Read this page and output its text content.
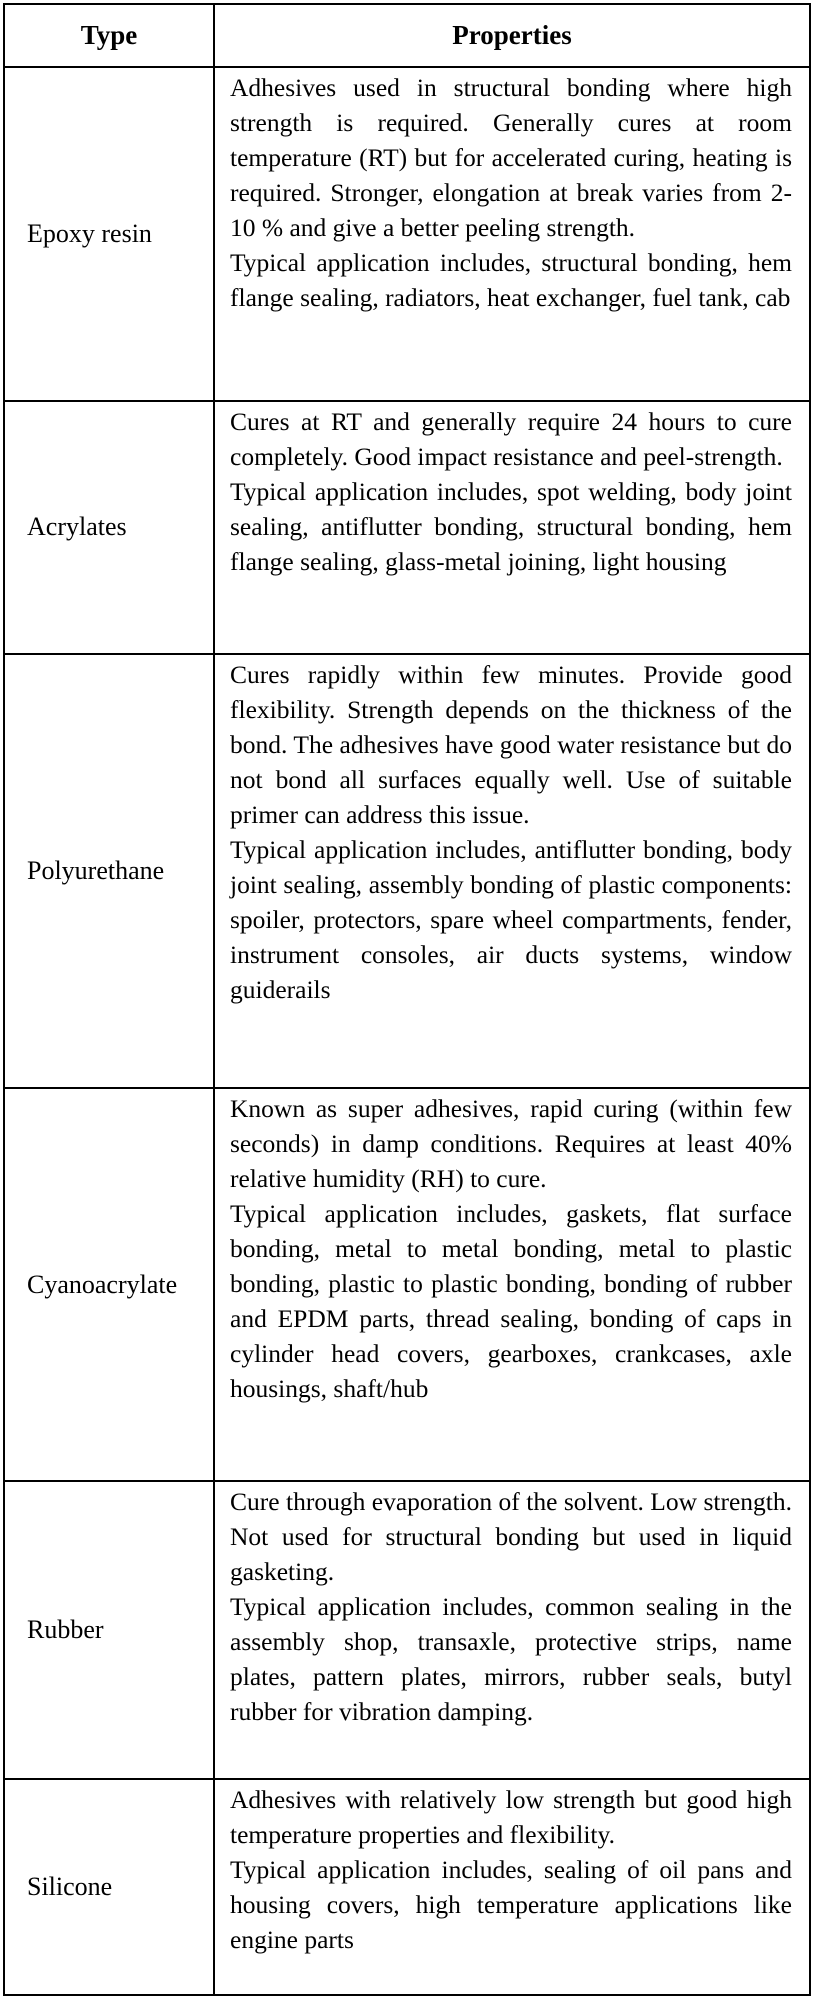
Type	Properties
Epoxy resin	Adhesives used in structural bonding where high strength is required. Generally cures at room temperature (RT) but for accelerated curing, heating is required. Stronger, elongation at break varies from 2-10 % and give a better peeling strength.

Typical application includes, structural bonding, hem flange sealing, radiators, heat exchanger, fuel tank, cab

Acrylates	Cures at RT and generally require 24 hours to cure completely. Good impact resistance and peel-strength.

Typical application includes, spot welding, body joint sealing, antiflutter bonding, structural bonding, hem flange sealing, glass-metal joining, light housing

Polyurethane	Cures rapidly within few minutes. Provide good flexibility. Strength depends on the thickness of the bond. The adhesives have good water resistance but do not bond all surfaces equally well. Use of suitable primer can address this issue.

Typical application includes, antiflutter bonding, body joint sealing, assembly bonding of plastic components: spoiler, protectors, spare wheel compartments, fender, instrument consoles, air ducts systems, window guiderails

Cyanoacrylate	Known as super adhesives, rapid curing (within few seconds) in damp conditions. Requires at least 40% relative humidity (RH) to cure.

Typical application includes, gaskets, flat surface bonding, metal to metal bonding, metal to plastic bonding, plastic to plastic bonding, bonding of rubber and EPDM parts, thread sealing, bonding of caps in cylinder head covers, gearboxes, crankcases, axle housings, shaft/hub

Rubber	Cure through evaporation of the solvent. Low strength. Not used for structural bonding but used in liquid gasketing.

Typical application includes, common sealing in the assembly shop, transaxle, protective strips, name plates, pattern plates, mirrors, rubber seals, butyl rubber for vibration damping.

Silicone	Adhesives with relatively low strength but good high temperature properties and flexibility.

Typical application includes, sealing of oil pans and housing covers, high temperature applications like engine parts
